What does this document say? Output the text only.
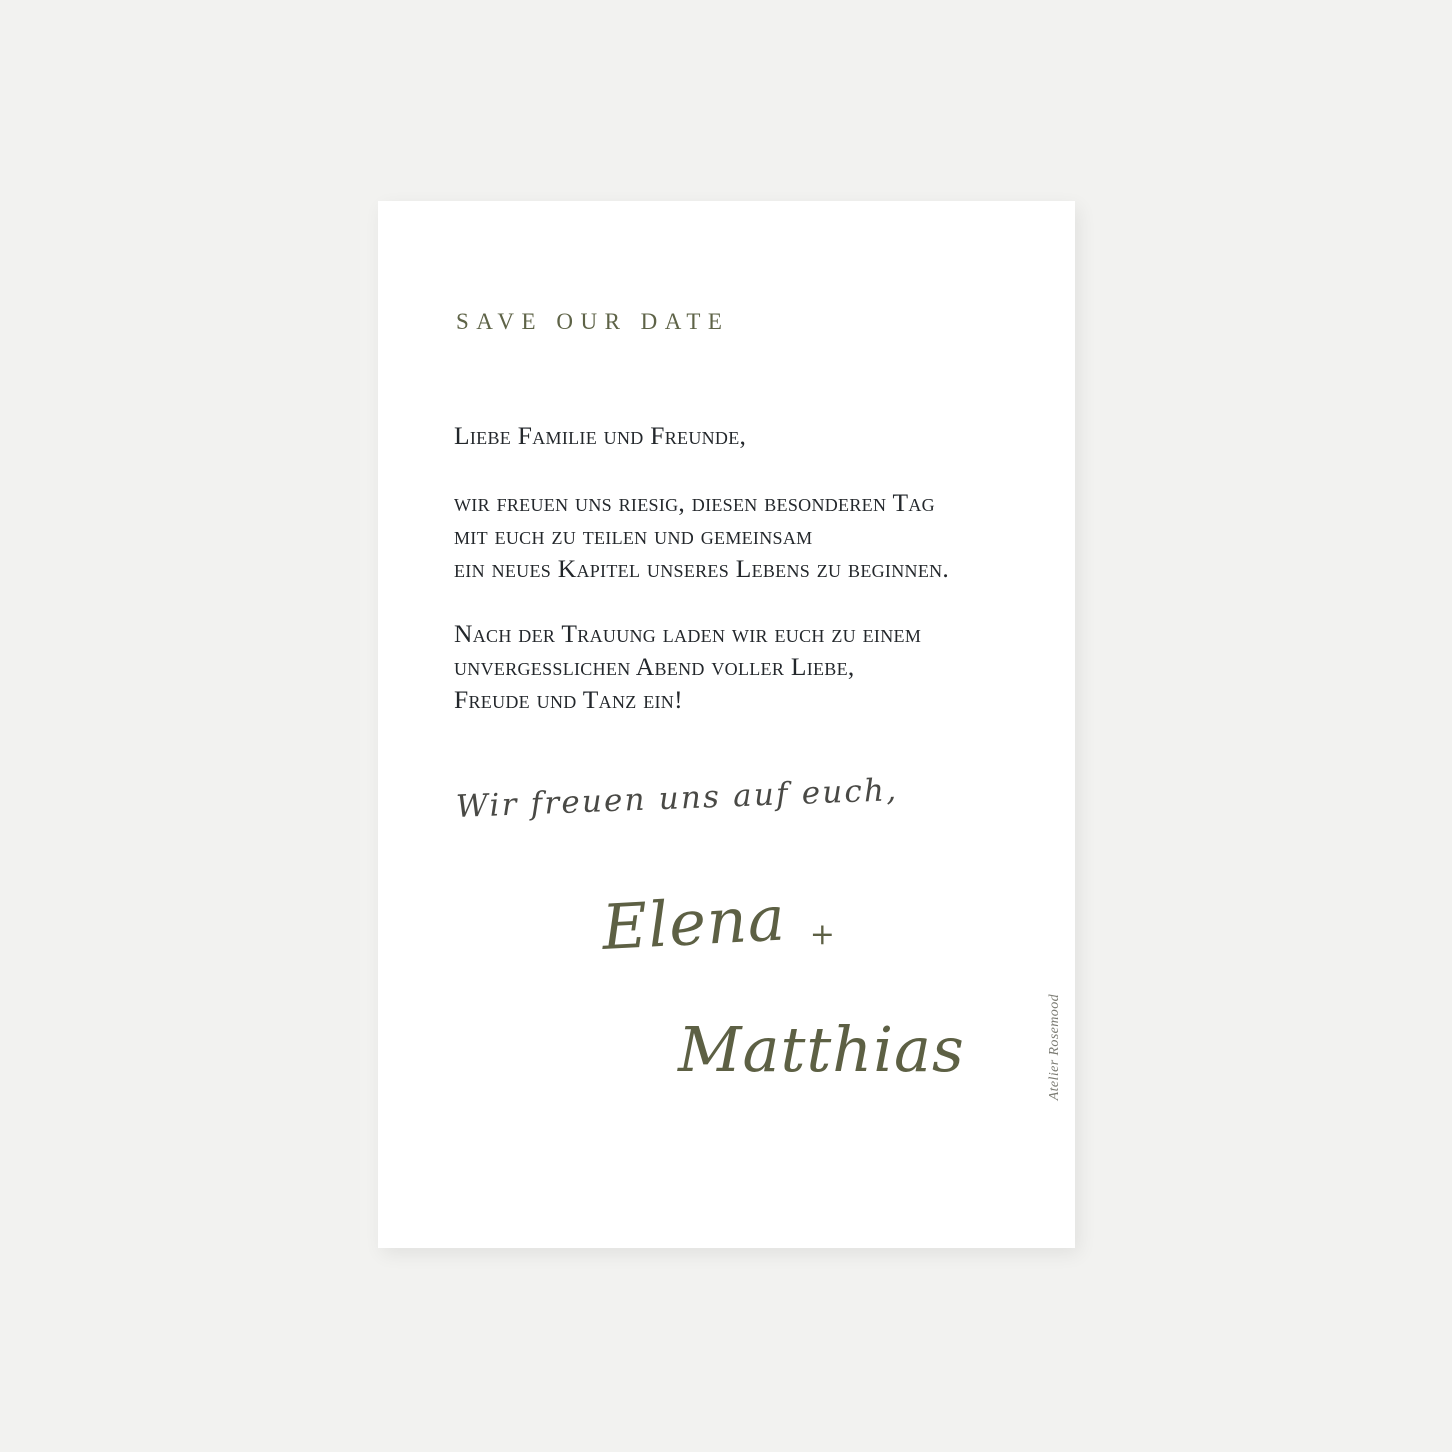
SAVE OUR DATE
Liebe Familie und Freunde,
wir freuen uns riesig, diesen besonderen Tag
mit euch zu teilen und gemeinsam
ein neues Kapitel unseres Lebens zu beginnen.
Nach der Trauung laden wir euch zu einem
unvergesslichen Abend voller Liebe,
Freude und Tanz ein!
Wir freuen uns auf euch,
Elena +
Matthias	Atelier Rosemood
